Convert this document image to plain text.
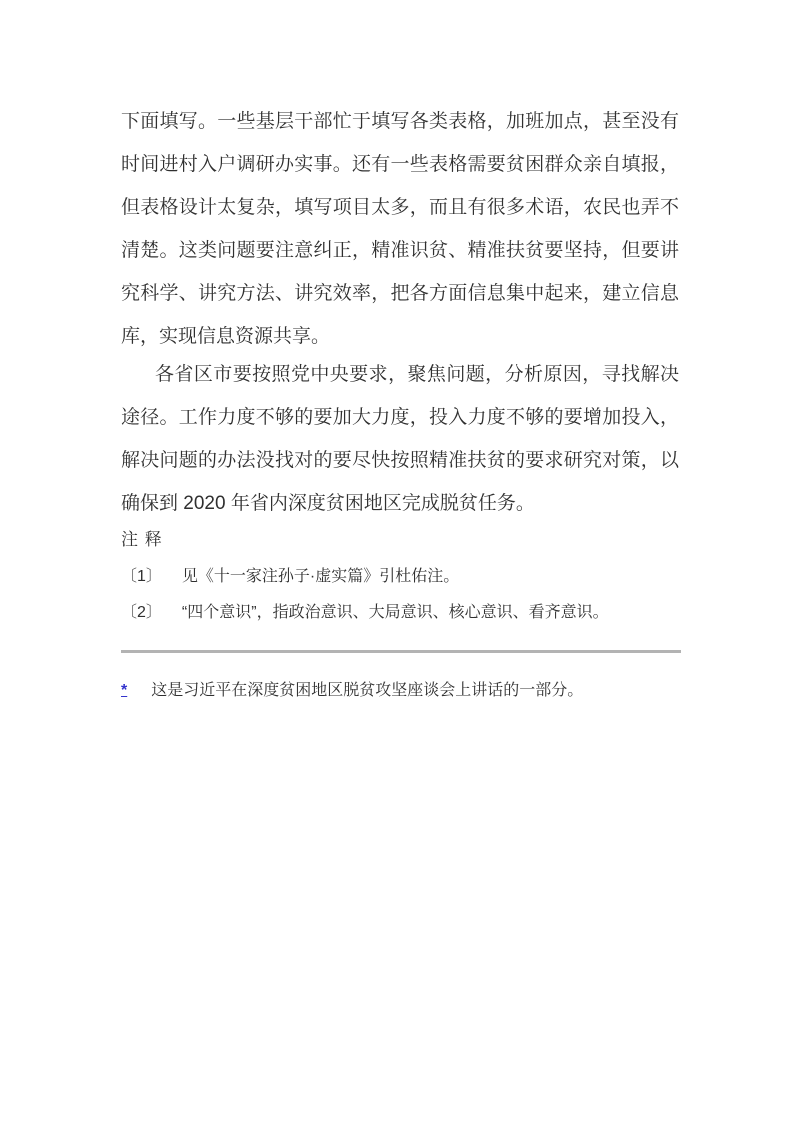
下面填写。一些基层干部忙于填写各类表格，加班加点，甚至没有
时间进村入户调研办实事。还有一些表格需要贫困群众亲自填报，
但表格设计太复杂，填写项目太多，而且有很多术语，农民也弄不
清楚。这类问题要注意纠正，精准识贫、精准扶贫要坚持，但要讲
究科学、讲究方法、讲究效率，把各方面信息集中起来，建立信息
库，实现信息资源共享。
各省区市要按照党中央要求，聚焦问题，分析原因，寻找解决
途径。工作力度不够的要加大力度，投入力度不够的要增加投入，
解决问题的办法没找对的要尽快按照精准扶贫的要求研究对策，以
确保到 2020 年省内深度贫困地区完成脱贫任务。
注 释
〔1〕 见《十一家注孙子·虚实篇》引杜佑注。
〔2〕 “四个意识”，指政治意识、大局意识、核心意识、看齐意识。
* 这是习近平在深度贫困地区脱贫攻坚座谈会上讲话的一部分。
